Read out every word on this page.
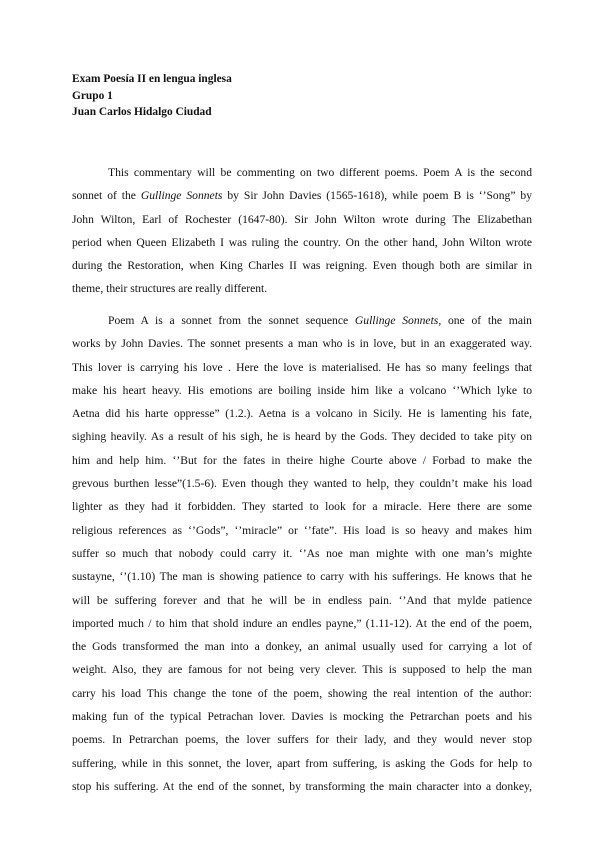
Exam Poesía II en lengua inglesa
Grupo 1
Juan Carlos Hidalgo Ciudad
This commentary will be commenting on two different poems. Poem A is the second
sonnet of the Gullinge Sonnets by Sir John Davies (1565-1618), while poem B is ‘’Song” by
John Wilton, Earl of Rochester (1647-80). Sir John Wilton wrote during The Elizabethan
period when Queen Elizabeth I was ruling the country. On the other hand, John Wilton wrote
during the Restoration, when King Charles II was reigning. Even though both are similar in
theme, their structures are really different.
Poem A is a sonnet from the sonnet sequence Gullinge Sonnets, one of the main
works by John Davies. The sonnet presents a man who is in love, but in an exaggerated way.
This lover is carrying his love . Here the love is materialised. He has so many feelings that
make his heart heavy. His emotions are boiling inside him like a volcano ‘’Which lyke to
Aetna did his harte oppresse” (1.2.). Aetna is a volcano in Sicily. He is lamenting his fate,
sighing heavily. As a result of his sigh, he is heard by the Gods. They decided to take pity on
him and help him. ‘’But for the fates in theire highe Courte above / Forbad to make the
grevous burthen lesse”(1.5-6). Even though they wanted to help, they couldn’t make his load
lighter as they had it forbidden. They started to look for a miracle. Here there are some
religious references as ‘’Gods”, ‘’miracle” or ‘’fate”. His load is so heavy and makes him
suffer so much that nobody could carry it. ‘’As noe man mighte with one man’s mighte
sustayne, ‘’(1.10) The man is showing patience to carry with his sufferings. He knows that he
will be suffering forever and that he will be in endless pain. ‘’And that mylde patience
imported much / to him that shold indure an endles payne,” (1.11-12). At the end of the poem,
the Gods transformed the man into a donkey, an animal usually used for carrying a lot of
weight. Also, they are famous for not being very clever. This is supposed to help the man
carry his load This change the tone of the poem, showing the real intention of the author:
making fun of the typical Petrachan lover. Davies is mocking the Petrarchan poets and his
poems. In Petrarchan poems, the lover suffers for their lady, and they would never stop
suffering, while in this sonnet, the lover, apart from suffering, is asking the Gods for help to
stop his suffering. At the end of the sonnet, by transforming the main character into a donkey,
